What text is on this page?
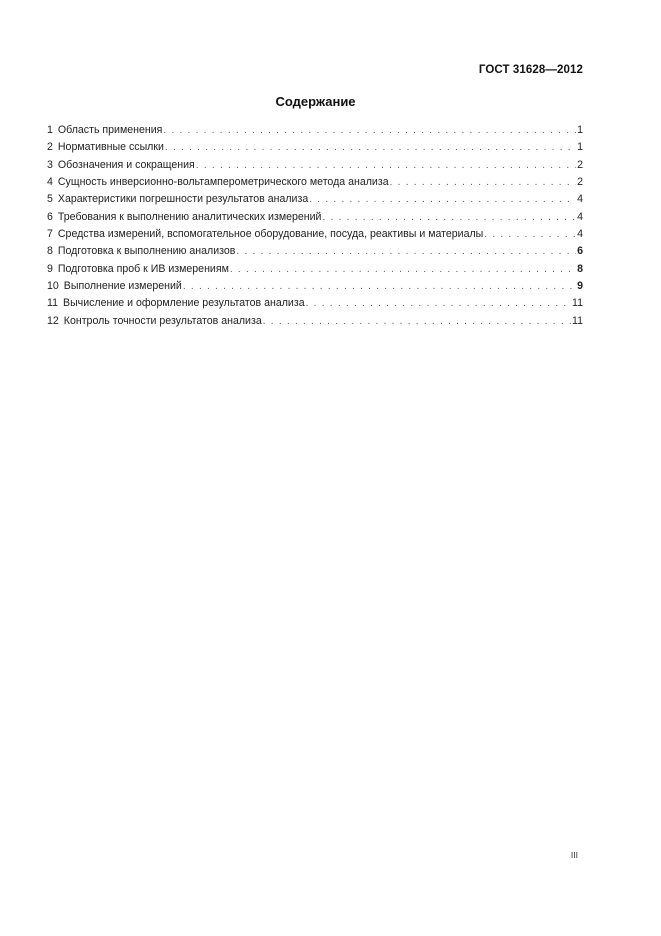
ГОСТ 31628—2012
Содержание
1 Область применения . . .	1
2 Нормативные ссылки . . .	1
3 Обозначения и сокращения . . .	2
4 Сущность инверсионно-вольтамперометрического метода анализа . . .	2
5 Характеристики погрешности результатов анализа . . .	4
6 Требования к выполнению аналитических измерений . . .	4
7 Средства измерений, вспомогательное оборудование, посуда, реактивы и материалы . . .	4
8 Подготовка к выполнению анализов . . .	6
9 Подготовка проб к ИВ измерениям . . .	8
10 Выполнение измерений . . .	9
11 Вычисление и оформление результатов анализа . . .	11
12 Контроль точности результатов анализа . . .	11
III
